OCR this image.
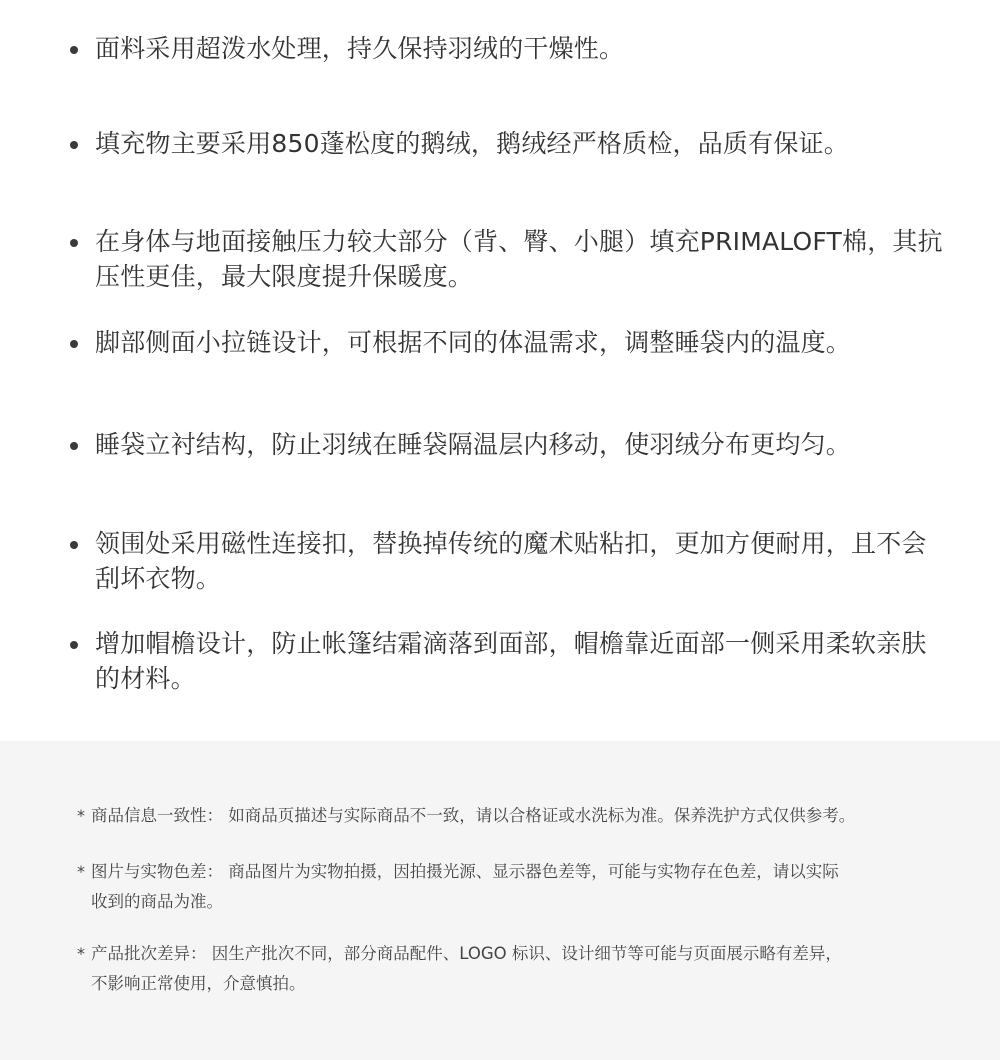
面料采用超泼水处理，持久保持羽绒的干燥性。
填充物主要采用850蓬松度的鹅绒，鹅绒经严格质检，品质有保证。
在身体与地面接触压力较大部分（背、臀、小腿）填充PRIMALOFT棉，其抗压性更佳，最大限度提升保暖度。
脚部侧面小拉链设计，可根据不同的体温需求，调整睡袋内的温度。
睡袋立衬结构，防止羽绒在睡袋隔温层内移动，使羽绒分布更均匀。
领围处采用磁性连接扣，替换掉传统的魔术贴粘扣，更加方便耐用，且不会刮坏衣物。
增加帽檐设计，防止帐篷结霜滴落到面部，帽檐靠近面部一侧采用柔软亲肤的材料。
* 商品信息一致性： 如商品页描述与实际商品不一致，请以合格证或水洗标为准。保养洗护方式仅供参考。
* 图片与实物色差： 商品图片为实物拍摄，因拍摄光源、显示器色差等，可能与实物存在色差，请以实际
收到的商品为准。
* 产品批次差异： 因生产批次不同，部分商品配件、LOGO 标识、设计细节等可能与页面展示略有差异，
不影响正常使用，介意慎拍。
